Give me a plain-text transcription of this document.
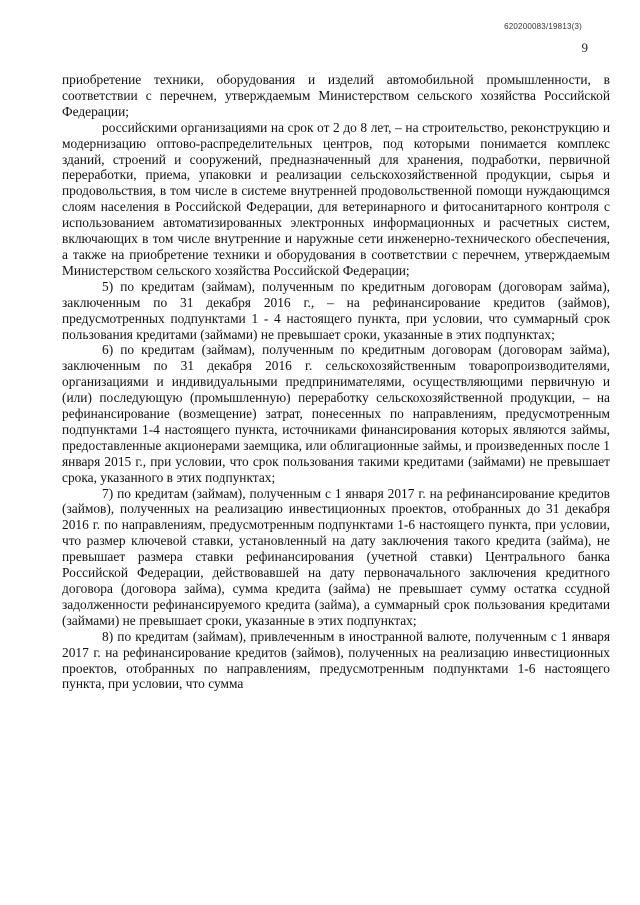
620200083/19813(3)
9

приобретение техники, оборудования и изделий автомобильной промышленности, в соответствии с перечнем, утверждаемым Министерством сельского хозяйства Российской Федерации;

российскими организациями на срок от 2 до 8 лет, – на строительство, реконструкцию и модернизацию оптово-распределительных центров, под которыми понимается комплекс зданий, строений и сооружений, предназначенный для хранения, подработки, первичной переработки, приема, упаковки и реализации сельскохозяйственной продукции, сырья и продовольствия, в том числе в системе внутренней продовольственной помощи нуждающимся слоям населения в Российской Федерации, для ветеринарного и фитосанитарного контроля с использованием автоматизированных электронных информационных и расчетных систем, включающих в том числе внутренние и наружные сети инженерно-технического обеспечения, а также на приобретение техники и оборудования в соответствии с перечнем, утверждаемым Министерством сельского хозяйства Российской Федерации;

5) по кредитам (займам), полученным по кредитным договорам (договорам займа), заключенным по 31 декабря 2016 г., – на рефинансирование кредитов (займов), предусмотренных подпунктами 1 - 4 настоящего пункта, при условии, что суммарный срок пользования кредитами (займами) не превышает сроки, указанные в этих подпунктах;

6) по кредитам (займам), полученным по кредитным договорам (договорам займа), заключенным по 31 декабря 2016 г. сельскохозяйственным товаропроизводителями, организациями и индивидуальными предпринимателями, осуществляющими первичную и (или) последующую (промышленную) переработку сельскохозяйственной продукции, – на рефинансирование (возмещение) затрат, понесенных по направлениям, предусмотренным подпунктами 1-4 настоящего пункта, источниками финансирования которых являются займы, предоставленные акционерами заемщика, или облигационные займы, и произведенных после 1 января 2015 г., при условии, что срок пользования такими кредитами (займами) не превышает срока, указанного в этих подпунктах;

7) по кредитам (займам), полученным с 1 января 2017 г. на рефинансирование кредитов (займов), полученных на реализацию инвестиционных проектов, отобранных до 31 декабря 2016 г. по направлениям, предусмотренным подпунктами 1-6 настоящего пункта, при условии, что размер ключевой ставки, установленный на дату заключения такого кредита (займа), не превышает размера ставки рефинансирования (учетной ставки) Центрального банка Российской Федерации, действовавшей на дату первоначального заключения кредитного договора (договора займа), сумма кредита (займа) не превышает сумму остатка ссудной задолженности рефинансируемого кредита (займа), а суммарный срок пользования кредитами (займами) не превышает сроки, указанные в этих подпунктах;

8) по кредитам (займам), привлеченным в иностранной валюте, полученным с 1 января 2017 г. на рефинансирование кредитов (займов), полученных на реализацию инвестиционных проектов, отобранных по направлениям, предусмотренным подпунктами 1-6 настоящего пункта, при условии, что сумма
